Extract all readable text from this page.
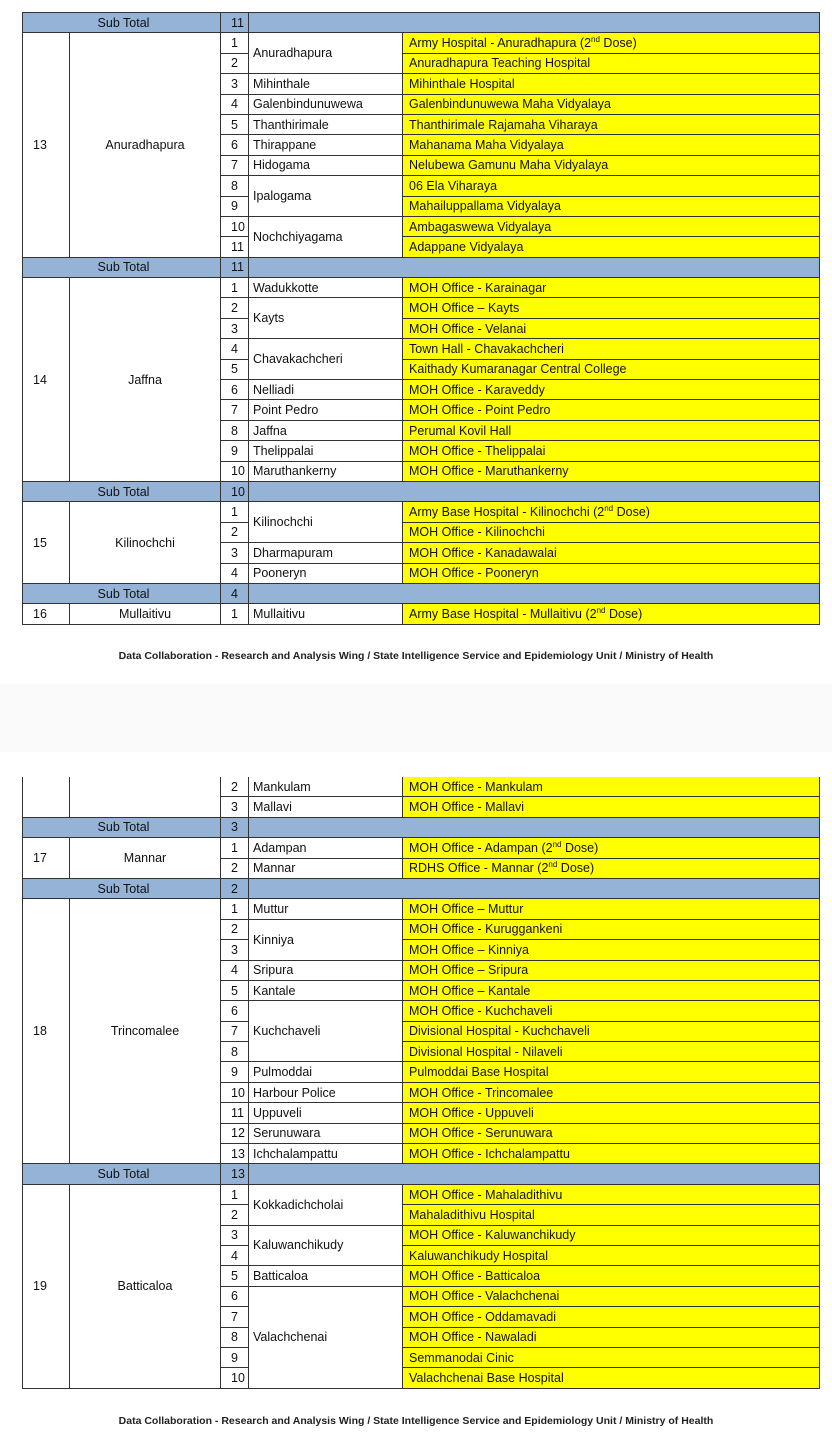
Sub Total		11		
13	Anuradhapura	1	Anuradhapura	Army Hospital - Anuradhapura (2nd Dose)
		2		Anuradhapura Teaching Hospital
		3	Mihinthale	Mihinthale Hospital
		4	Galenbindunuwewa	Galenbindunuwewa Maha Vidyalaya
		5	Thanthirimale	Thanthirimale Rajamaha Viharaya
		6	Thirappane	Mahanama Maha Vidyalaya
		7	Hidogama	Nelubewa Gamunu Maha Vidyalaya
		8	Ipalogama	06 Ela Viharaya
		9		Mahailuppallama Vidyalaya
		10	Nochchiyagama	Ambagaswewa Vidyalaya
		11		Adappane Vidyalaya
Sub Total		11		
14	Jaffna	1	Wadukkotte	MOH Office - Karainagar
		2	Kayts	MOH Office – Kayts
		3		MOH Office - Velanai
		4	Chavakachcheri	Town Hall - Chavakachcheri
		5		Kaithady Kumaranagar Central College
		6	Nelliadi	MOH Office - Karaveddy
		7	Point Pedro	MOH Office - Point Pedro
		8	Jaffna	Perumal Kovil Hall
		9	Thelippalai	MOH Office - Thelippalai
		10	Maruthankerny	MOH Office - Maruthankerny
Sub Total		10		
15	Kilinochchi	1	Kilinochchi	Army Base Hospital - Kilinochchi (2nd Dose)
		2		MOH Office - Kilinochchi
		3	Dharmapuram	MOH Office - Kanadawalai
		4	Pooneryn	MOH Office - Pooneryn
Sub Total		4		
16	Mullaitivu	1	Mullaitivu	Army Base Hospital - Mullaitivu (2nd Dose)
Data Collaboration - Research and Analysis Wing / State Intelligence Service and Epidemiology Unit / Ministry of Health
		2	Mankulam	MOH Office - Mankulam
		3	Mallavi	MOH Office - Mallavi
Sub Total		3		
17	Mannar	1	Adampan	MOH Office - Adampan (2nd Dose)
		2	Mannar	RDHS Office - Mannar (2nd Dose)
Sub Total		2		
18	Trincomalee	1	Muttur	MOH Office – Muttur
		2	Kinniya	MOH Office - Kuruggankeni
		3		MOH Office – Kinniya
		4	Sripura	MOH Office – Sripura
		5	Kantale	MOH Office – Kantale
		6	Kuchchaveli	MOH Office - Kuchchaveli
		7		Divisional Hospital - Kuchchaveli
		8		Divisional Hospital - Nilaveli
		9	Pulmoddai	Pulmoddai Base Hospital
		10	Harbour Police	MOH Office - Trincomalee
		11	Uppuveli	MOH Office - Uppuveli
		12	Serunuwara	MOH Office - Serunuwara
		13	Ichchalampattu	MOH Office - Ichchalampattu
Sub Total		13		
19	Batticaloa	1	Kokkadichcholai	MOH Office - Mahaladithivu
		2		Mahaladithivu Hospital
		3	Kaluwanchikudy	MOH Office - Kaluwanchikudy
		4		Kaluwanchikudy Hospital
		5	Batticaloa	MOH Office - Batticaloa
		6	Valachchenai	MOH Office - Valachchenai
		7		MOH Office - Oddamavadi
		8		MOH Office - Nawaladi
		9		Semmanodai Cinic
		10		Valachchenai Base Hospital
Data Collaboration - Research and Analysis Wing / State Intelligence Service and Epidemiology Unit / Ministry of Health
